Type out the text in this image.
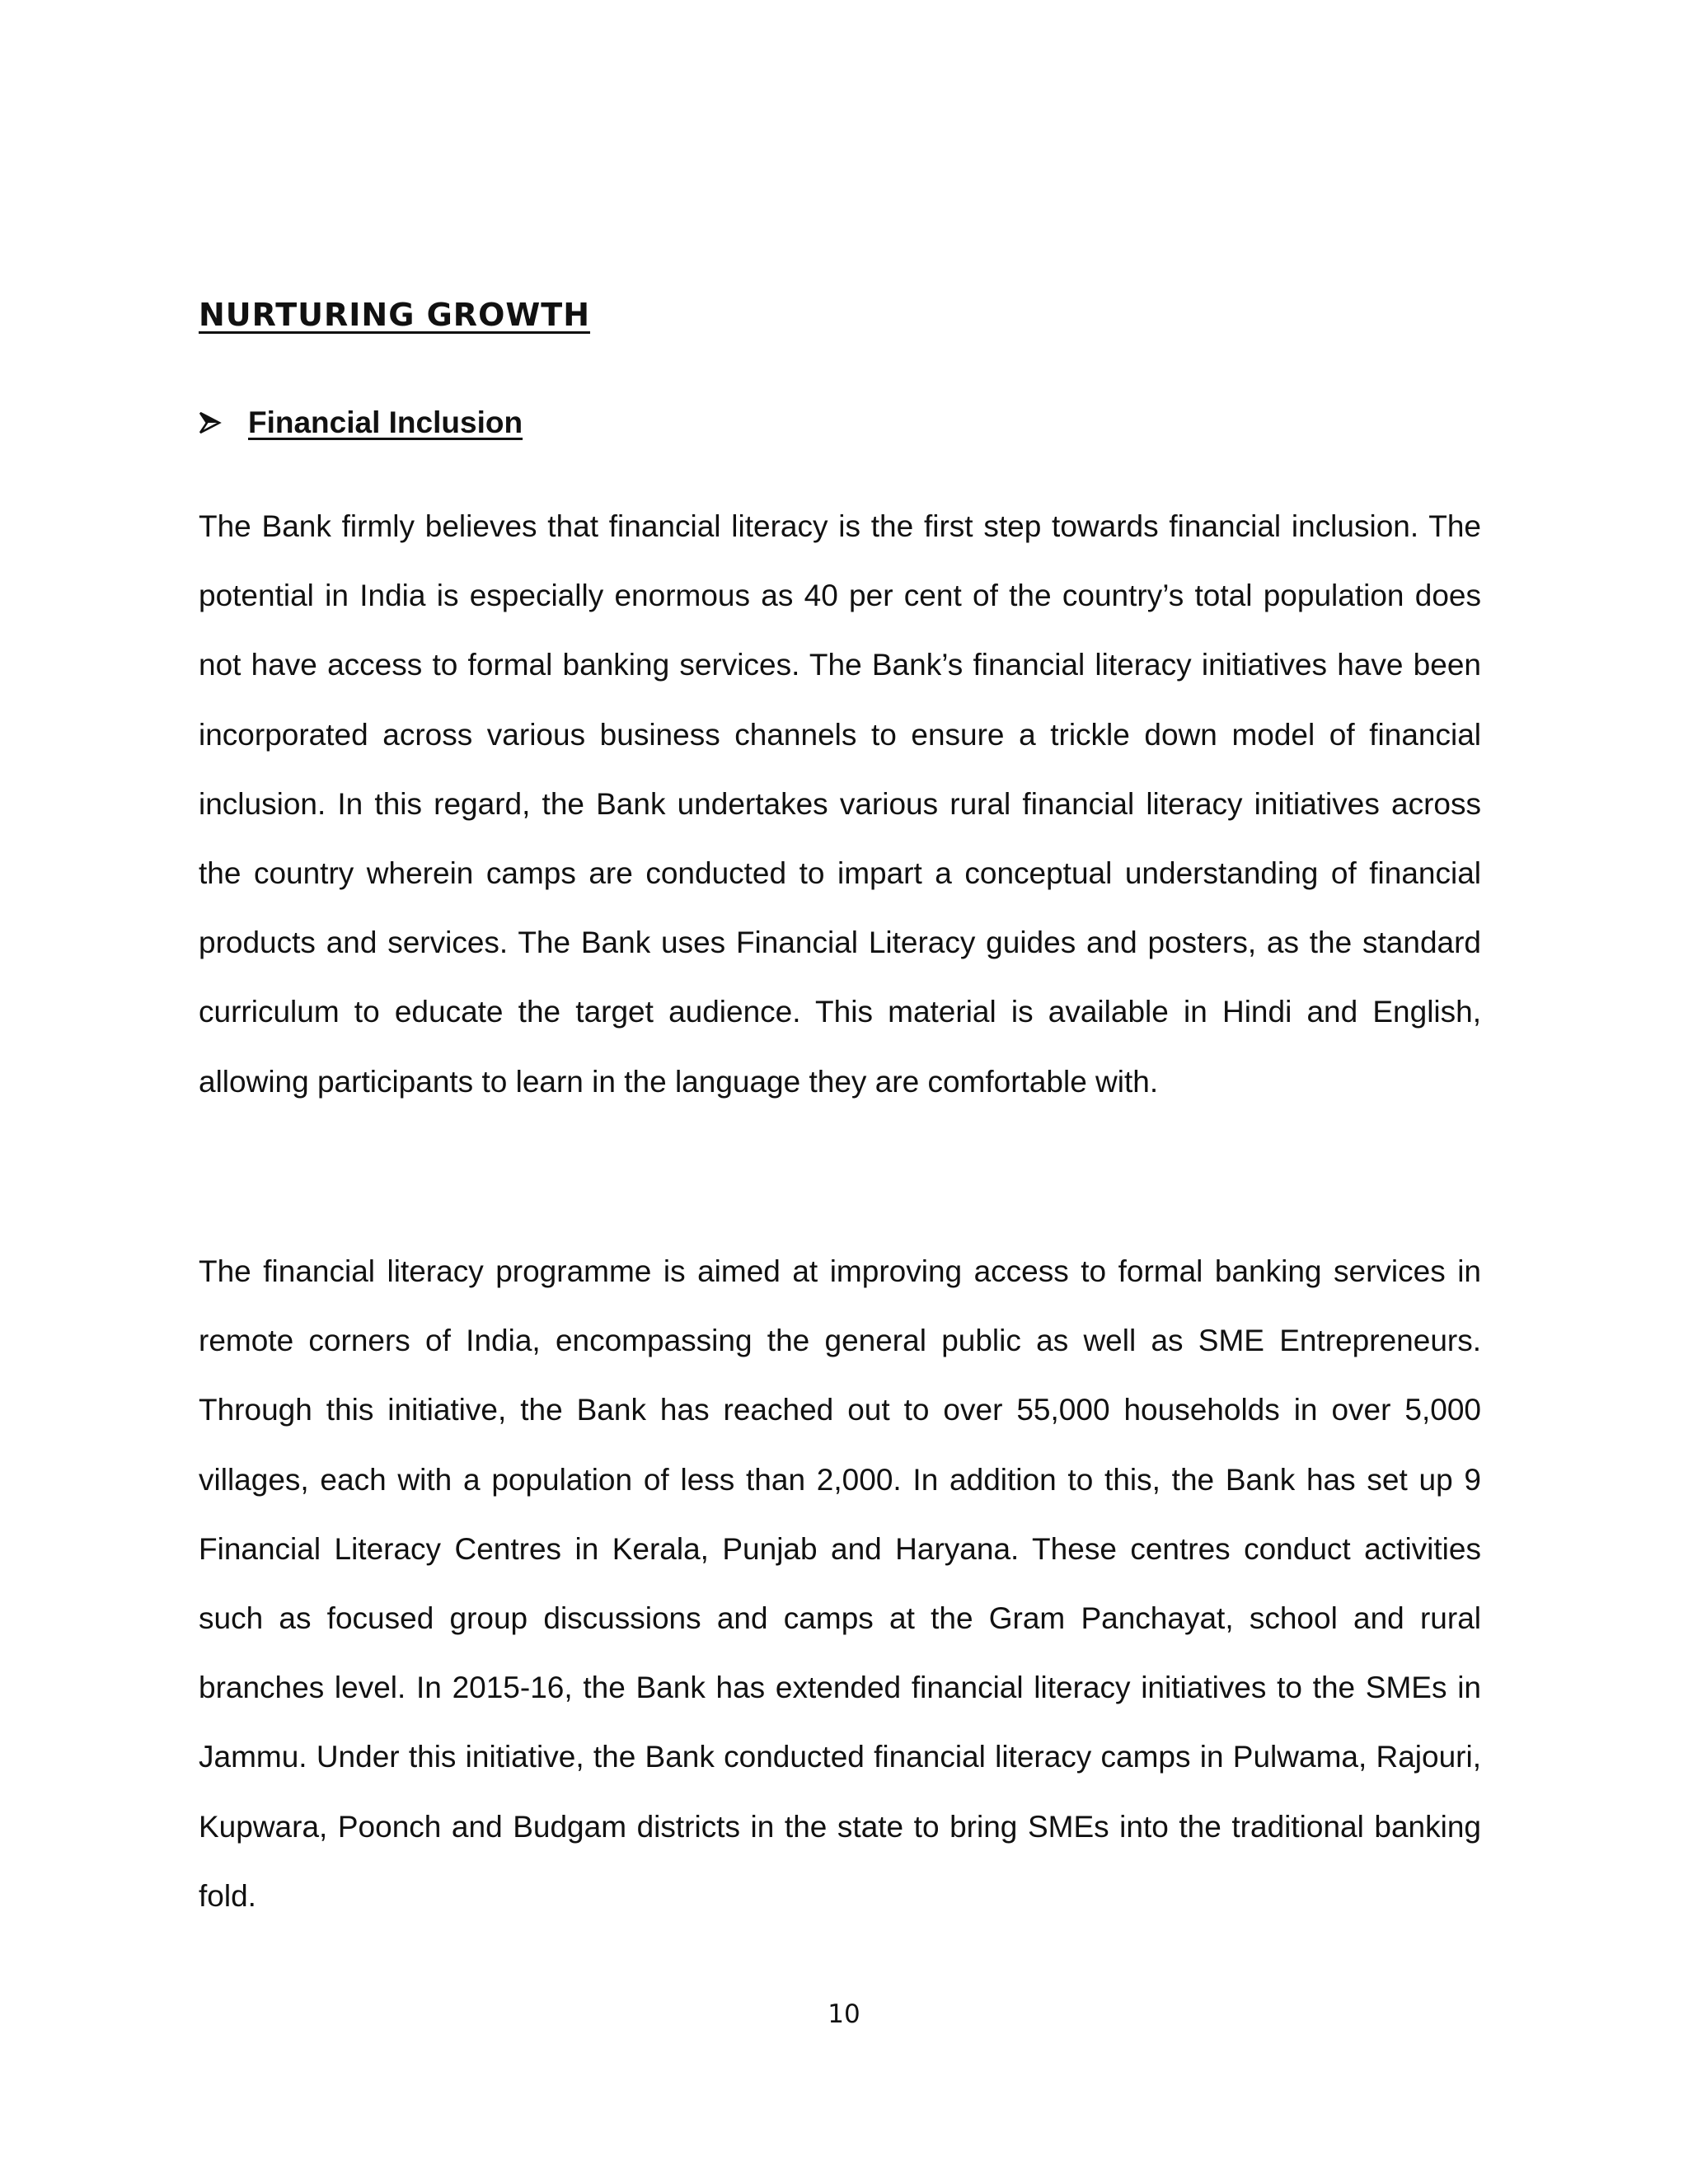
NURTURING GROWTH
Financial Inclusion

The Bank firmly believes that financial literacy is the first step towards financial inclusion. The potential in India is especially enormous as 40 per cent of the country’s total population does not have access to formal banking services. The Bank’s financial literacy initiatives have been incorporated across various business channels to ensure a trickle down model of financial inclusion. In this regard, the Bank undertakes various rural financial literacy initiatives across the country wherein camps are conducted to impart a conceptual understanding of financial products and services. The Bank uses Financial Literacy guides and posters, as the standard curriculum to educate the target audience. This material is available in Hindi and English, allowing participants to learn in the language they are comfortable with.

The financial literacy programme is aimed at improving access to formal banking services in remote corners of India, encompassing the general public as well as SME Entrepreneurs. Through this initiative, the Bank has reached out to over 55,000 households in over 5,000 villages, each with a population of less than 2,000. In addition to this, the Bank has set up 9 Financial Literacy Centres in Kerala, Punjab and Haryana. These centres conduct activities such as focused group discussions and camps at the Gram Panchayat, school and rural branches level. In 2015-16, the Bank has extended financial literacy initiatives to the SMEs in Jammu. Under this initiative, the Bank conducted financial literacy camps in Pulwama, Rajouri, Kupwara, Poonch and Budgam districts in the state to bring SMEs into the traditional banking fold.

10
